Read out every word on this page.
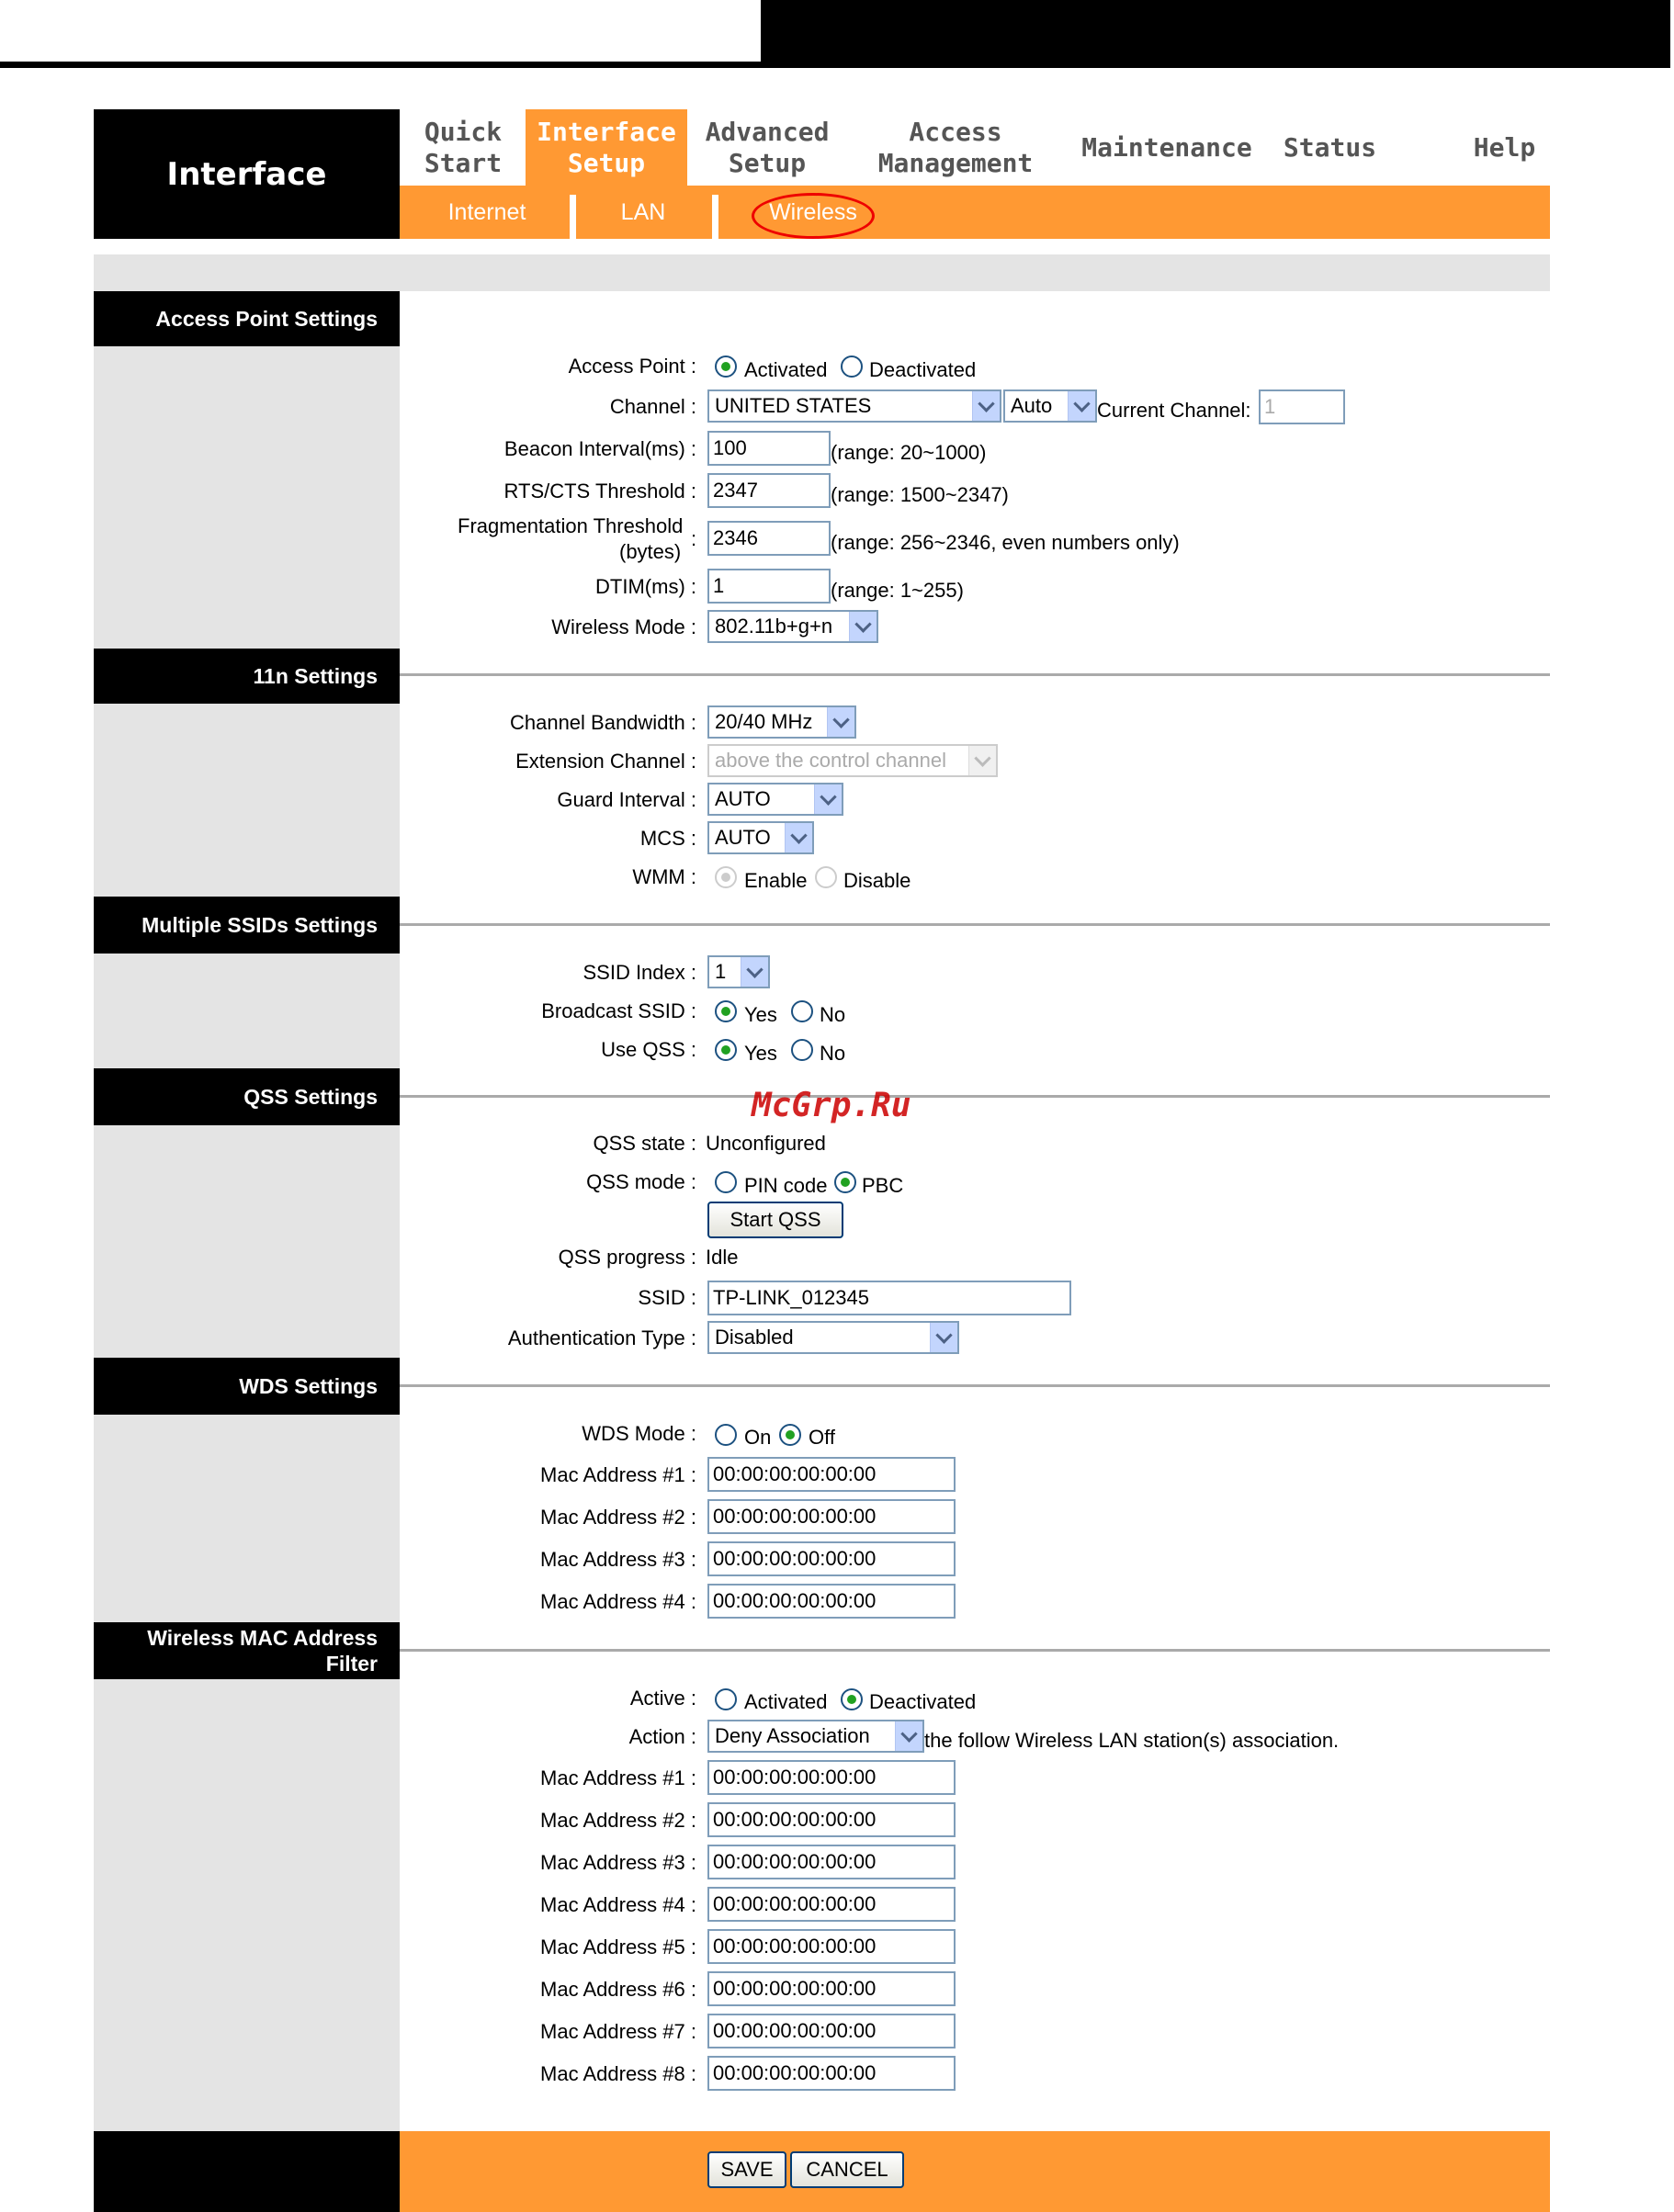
Interface
Quick
Start
Interface
Setup
Advanced
Setup
Access
Management
Maintenance Status	Help
Internet	LAN	Wireless
Access Point Settings
Access Point : Activated Deactivated
Channel : UNITED STATES	Auto Current Channel: 1
Beacon Interval(ms) : 100	(range: 20~1000)
RTS/CTS Threshold : 2347	(range: 1500~2347)
Fragmentation Threshold
(bytes)
: 2346	(range: 256~2346, even numbers only)
DTIM(ms) : 1	(range: 1~255)
Wireless Mode : 802.11b+g+n
11n Settings
Channel Bandwidth : 20/40 MHz
Extension Channel : above the control channel
Guard Interval : AUTO
MCS : AUTO
WMM : Enable Disable
Multiple SSIDs Settings
SSID Index : 1
Broadcast SSID : Yes No
Use QSS : Yes No
QSS Settings
QSS state : Unconfigured
QSS mode : PIN code PBC
Start QSS
QSS progress : Idle
SSID : TP-LINK_012345
Authentication Type : Disabled
WDS Settings
WDS Mode : On Off
Mac Address #1 : 00:00:00:00:00:00
Mac Address #2 : 00:00:00:00:00:00
Mac Address #3 : 00:00:00:00:00:00
Mac Address #4 : 00:00:00:00:00:00
Wireless MAC Address
Filter
Active : Activated Deactivated
Action : Deny Association	the follow Wireless LAN station(s) association.
Mac Address #1 : 00:00:00:00:00:00
Mac Address #2 : 00:00:00:00:00:00
Mac Address #3 : 00:00:00:00:00:00
Mac Address #4 : 00:00:00:00:00:00
Mac Address #5 : 00:00:00:00:00:00
Mac Address #6 : 00:00:00:00:00:00
Mac Address #7 : 00:00:00:00:00:00
Mac Address #8 : 00:00:00:00:00:00
SAVE	CANCEL
McGrp.Ru
